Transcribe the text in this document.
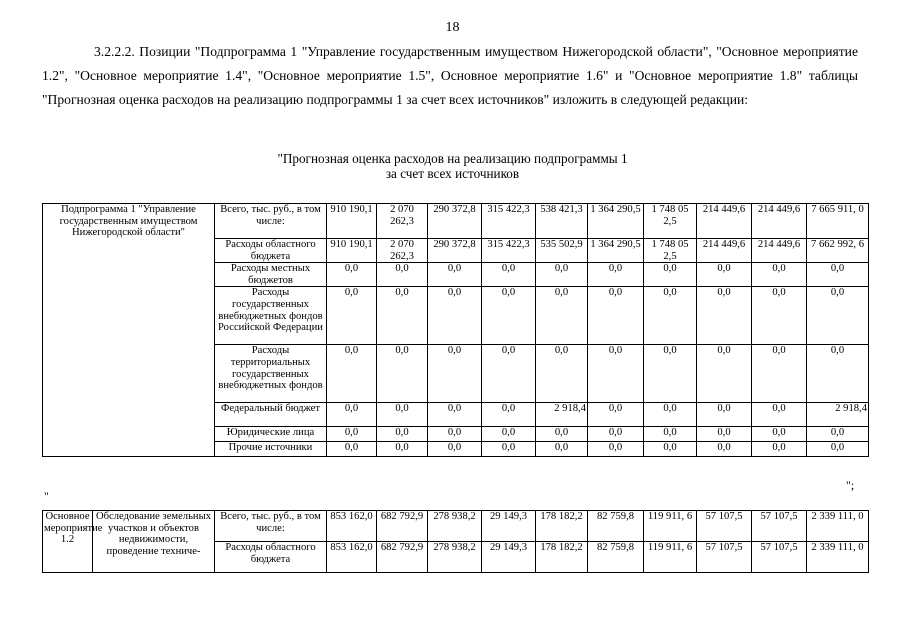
18
3.2.2.2. Позиции "Подпрограмма 1 "Управление государственным имуществом Нижегородской области", "Основное мероприятие 1.2", "Основное мероприятие 1.4", "Основное мероприятие 1.5", Основное мероприятие 1.6" и "Основное мероприятие 1.8" таблицы "Прогнозная оценка расходов на реализацию подпрограммы 1 за счет всех источников" изложить в следующей редакции:
"Прогнозная оценка расходов на реализацию подпрограммы 1
за счет всех источников
Подпрограмма 1 "Управление государственным имуществом Нижегородской области"	Всего, тыс. руб., в том числе:	910 190,1	2 070 262,3	290 372,8	315 422,3	538 421,3	1 364 290,5	1 748 05 2,5	214 449,6	214 449,6	7 665 911, 0
	Расходы областного бюджета	910 190,1	2 070 262,3	290 372,8	315 422,3	535 502,9	1 364 290,5	1 748 05 2,5	214 449,6	214 449,6	7 662 992, 6
	Расходы местных бюджетов	0,0	0,0	0,0	0,0	0,0	0,0	0,0	0,0	0,0	0,0
	Расходы государственных внебюджетных фондов Российской Федерации	0,0	0,0	0,0	0,0	0,0	0,0	0,0	0,0	0,0	0,0
	Расходы территориальных государственных внебюджетных фондов	0,0	0,0	0,0	0,0	0,0	0,0	0,0	0,0	0,0	0,0
	Федеральный бюджет	0,0	0,0	0,0	0,0	2 918,4	0,0	0,0	0,0	0,0	2 918,4
	Юридические лица	0,0	0,0	0,0	0,0	0,0	0,0	0,0	0,0	0,0	0,0
	Прочие источники	0,0	0,0	0,0	0,0	0,0	0,0	0,0	0,0	0,0	0,0
";
"
Основное мероприятие 1.2	Обследование земельных участков и объектов недвижимости, проведение техниче-	Всего, тыс. руб., в том числе:	853 162,0	682 792,9	278 938,2	29 149,3	178 182,2	82 759,8	119 911, 6	57 107,5	57 107,5	2 339 111, 0
		Расходы областного бюджета	853 162,0	682 792,9	278 938,2	29 149,3	178 182,2	82 759,8	119 911, 6	57 107,5	57 107,5	2 339 111, 0
